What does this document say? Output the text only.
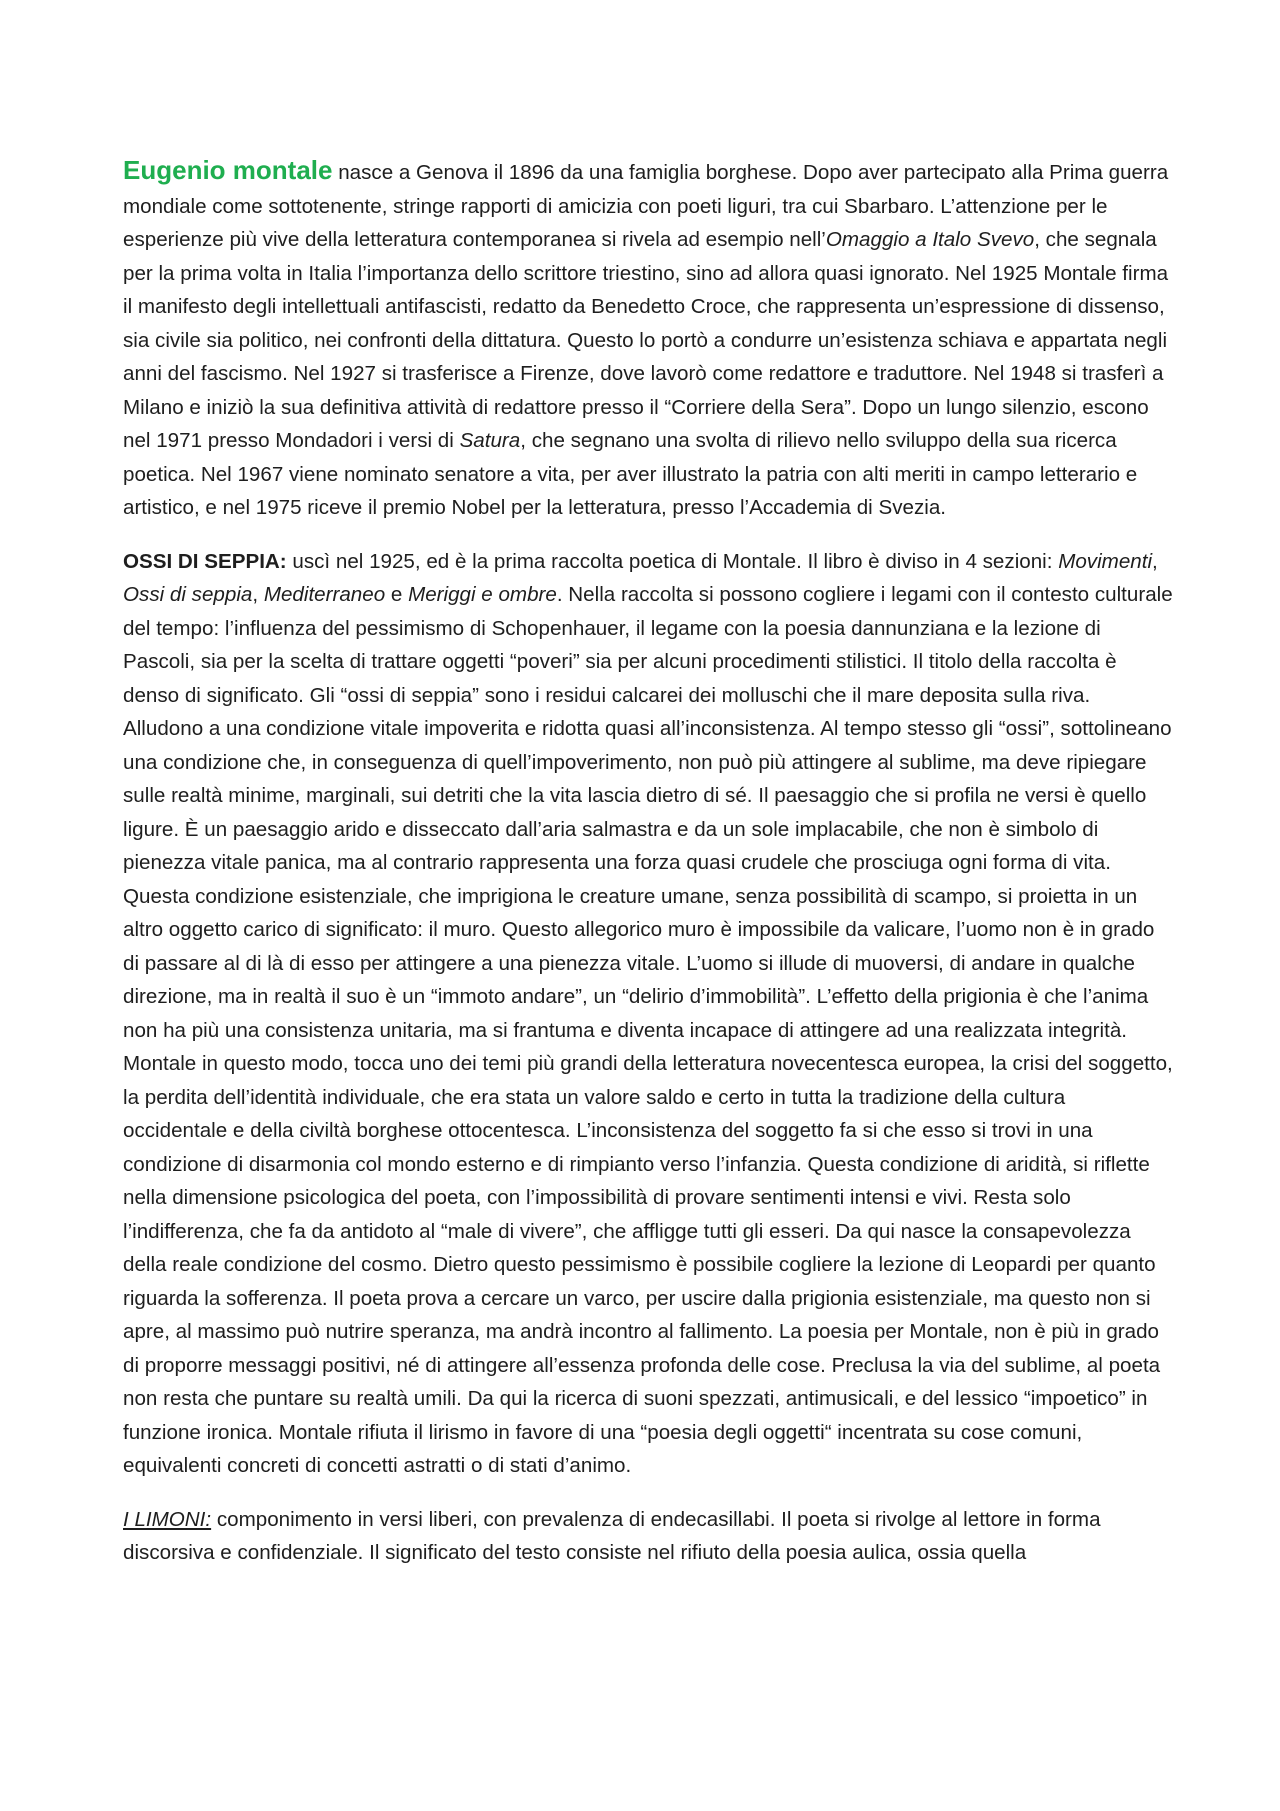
Eugenio montale nasce a Genova il 1896 da una famiglia borghese. Dopo aver partecipato alla Prima guerra mondiale come sottotenente, stringe rapporti di amicizia con poeti liguri, tra cui Sbarbaro. L’attenzione per le esperienze più vive della letteratura contemporanea si rivela ad esempio nell’Omaggio a Italo Svevo, che segnala per la prima volta in Italia l’importanza dello scrittore triestino, sino ad allora quasi ignorato. Nel 1925 Montale firma il manifesto degli intellettuali antifascisti, redatto da Benedetto Croce, che rappresenta un’espressione di dissenso, sia civile sia politico, nei confronti della dittatura. Questo lo portò a condurre un’esistenza schiava e appartata negli anni del fascismo. Nel 1927 si trasferisce a Firenze, dove lavorò come redattore e traduttore. Nel 1948 si trasferì a Milano e iniziò la sua definitiva attività di redattore presso il “Corriere della Sera”. Dopo un lungo silenzio, escono nel 1971 presso Mondadori i versi di Satura, che segnano una svolta di rilievo nello sviluppo della sua ricerca poetica. Nel 1967 viene nominato senatore a vita, per aver illustrato la patria con alti meriti in campo letterario e artistico, e nel 1975 riceve il premio Nobel per la letteratura, presso l’Accademia di Svezia.

OSSI DI SEPPIA: uscì nel 1925, ed è la prima raccolta poetica di Montale. Il libro è diviso in 4 sezioni: Movimenti, Ossi di seppia, Mediterraneo e Meriggi e ombre. Nella raccolta si possono cogliere i legami con il contesto culturale del tempo: l’influenza del pessimismo di Schopenhauer, il legame con la poesia dannunziana e la lezione di Pascoli, sia per la scelta di trattare oggetti “poveri” sia per alcuni procedimenti stilistici. Il titolo della raccolta è denso di significato. Gli “ossi di seppia” sono i residui calcarei dei molluschi che il mare deposita sulla riva. Alludono a una condizione vitale impoverita e ridotta quasi all’inconsistenza. Al tempo stesso gli “ossi”, sottolineano una condizione che, in conseguenza di quell’impoverimento, non può più attingere al sublime, ma deve ripiegare sulle realtà minime, marginali, sui detriti che la vita lascia dietro di sé. Il paesaggio che si profila ne versi è quello ligure. È un paesaggio arido e disseccato dall’aria salmastra e da un sole implacabile, che non è simbolo di pienezza vitale panica, ma al contrario rappresenta una forza quasi crudele che prosciuga ogni forma di vita. Questa condizione esistenziale, che imprigiona le creature umane, senza possibilità di scampo, si proietta in un altro oggetto carico di significato: il muro. Questo allegorico muro è impossibile da valicare, l’uomo non è in grado di passare al di là di esso per attingere a una pienezza vitale. L’uomo si illude di muoversi, di andare in qualche direzione, ma in realtà il suo è un “immoto andare”, un “delirio d’immobilità”. L’effetto della prigionia è che l’anima non ha più una consistenza unitaria, ma si frantuma e diventa incapace di attingere ad una realizzata integrità. Montale in questo modo, tocca uno dei temi più grandi della letteratura novecentesca europea, la crisi del soggetto, la perdita dell’identità individuale, che era stata un valore saldo e certo in tutta la tradizione della cultura occidentale e della civiltà borghese ottocentesca. L’inconsistenza del soggetto fa si che esso si trovi in una condizione di disarmonia col mondo esterno e di rimpianto verso l’infanzia. Questa condizione di aridità, si riflette nella dimensione psicologica del poeta, con l’impossibilità di provare sentimenti intensi e vivi. Resta solo l’indifferenza, che fa da antidoto al “male di vivere”, che affligge tutti gli esseri. Da qui nasce la consapevolezza della reale condizione del cosmo. Dietro questo pessimismo è possibile cogliere la lezione di Leopardi per quanto riguarda la sofferenza. Il poeta prova a cercare un varco, per uscire dalla prigionia esistenziale, ma questo non si apre, al massimo può nutrire speranza, ma andrà incontro al fallimento. La poesia per Montale, non è più in grado di proporre messaggi positivi, né di attingere all’essenza profonda delle cose. Preclusa la via del sublime, al poeta non resta che puntare su realtà umili. Da qui la ricerca di suoni spezzati, antimusicali, e del lessico “impoetico” in funzione ironica. Montale rifiuta il lirismo in favore di una “poesia degli oggetti“ incentrata su cose comuni, equivalenti concreti di concetti astratti o di stati d’animo.

I LIMONI: componimento in versi liberi, con prevalenza di endecasillabi. Il poeta si rivolge al lettore in forma discorsiva e confidenziale. Il significato del testo consiste nel rifiuto della poesia aulica, ossia quella
